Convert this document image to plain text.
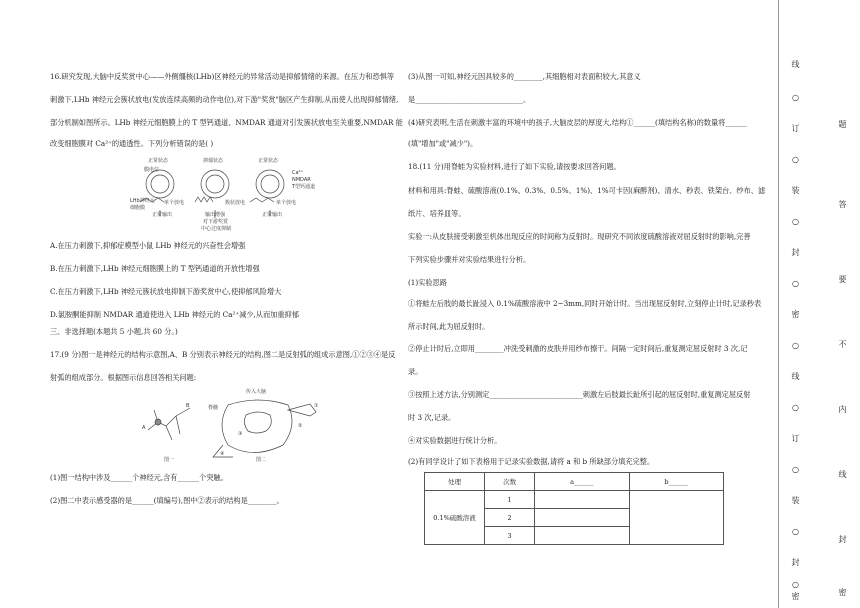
16.研究发现,大脑中反奖赏中心——外侧缰核(LHb)区神经元的异常活动是抑郁情绪的来源。在压力和恐惧等
刺激下,LHb 神经元会簇状放电(发放连续高频的动作电位),对下游"奖赏"脑区产生抑制,从而使人出现抑郁情绪,
部分机制如图所示。LHb 神经元细胞膜上的 T 型钙通道、NMDAR 通道对引发簇状放电至关重要,NMDAR 能
改变细胞膜对 Ca²⁺的通透性。下列分析错误的是( )
正常状态	抑郁状态	正常状态
膜电位	Ca²⁺
NMDAR
T型钙通道
LHb神经元
细胞膜
单个放电	簇状放电	单个放电
正常输出	输出增强	正常输出
对下游奖赏
中心过度抑制
A.在压力刺激下,抑郁症模型小鼠 LHb 神经元的兴奋性会增强
B.在压力刺激下,LHb 神经元细胞膜上的 T 型钙通道的开放性增强
C.在压力刺激下,LHb 神经元簇状放电抑制下游奖赏中心,使抑郁风险增大
D.氯胺酮能抑制 NMDAR 通道使进入 LHb 神经元的 Ca²⁺减少,从而加重抑郁
三、非选择题(本题共 5 小题,共 60 分。)
17.(9 分)图一是神经元的结构示意图,A、B 分别表示神经元的结构,图二是反射弧的组成示意图,①②③④是反
射弧的组成部分。根据图示信息回答相关问题:
传入大脑
脊髓
图一	图二
A
B	①
②
③
④
(1)图一结构中涉及______个神经元,含有______个突触。
(2)图二中表示感受器的是______(填编号),图中②表示的结构是________。
(3)从图一可知,神经元因具较多的________,其细胞相对表面积较大,其意义
是______________________________。
(4)研究表明,生活在刺激丰富的环境中的孩子,大脑皮层的厚度大,结构①______(填结构名称)的数量将______
(填"增加"或"减少")。
18.(11 分)用脊蛙为实验材料,进行了如下实验,请按要求回答问题。
材料和用具:脊蛙、硫酸溶液(0.1%、0.3%、0.5%、1%)、1%可卡因(麻醉剂)、清水、秒表、铁架台、纱布、滤
纸片、培养皿等。
实验一:从皮肤接受刺激至机体出现反应的时间称为反射时。现研究不同浓度硫酸溶液对屈反射时的影响,完善
下列实验步骤并对实验结果进行分析。
(1)实验思路
①将蛙左后肢的最长趾浸入 0.1%硫酸溶液中 2~3mm,同时开始计时。当出现屈反射时,立刻停止计时,记录秒表
所示时间,此为屈反射时。
②停止计时后,立即用________冲洗受刺激的皮肤并用纱布擦干。间隔一定时间后,重复测定屈反射时 3 次,记
录。
③按照上述方法,分别测定__________________________刺激左后肢最长趾所引起的屈反射时,重复测定屈反射
时 3 次,记录。
④对实验数据进行统计分析。
(2)有同学设计了如下表格用于记录实验数据,请将 a 和 b 所缺部分填充完整。
处理	次数	a______	b______
0.1%硫酸溶液	1		
	2		
	3		
线
○
订
○
装
○
封
○
密
○
线
○
订
○
装
○
封
○
密
题
答
要
不
内
线
封
密
